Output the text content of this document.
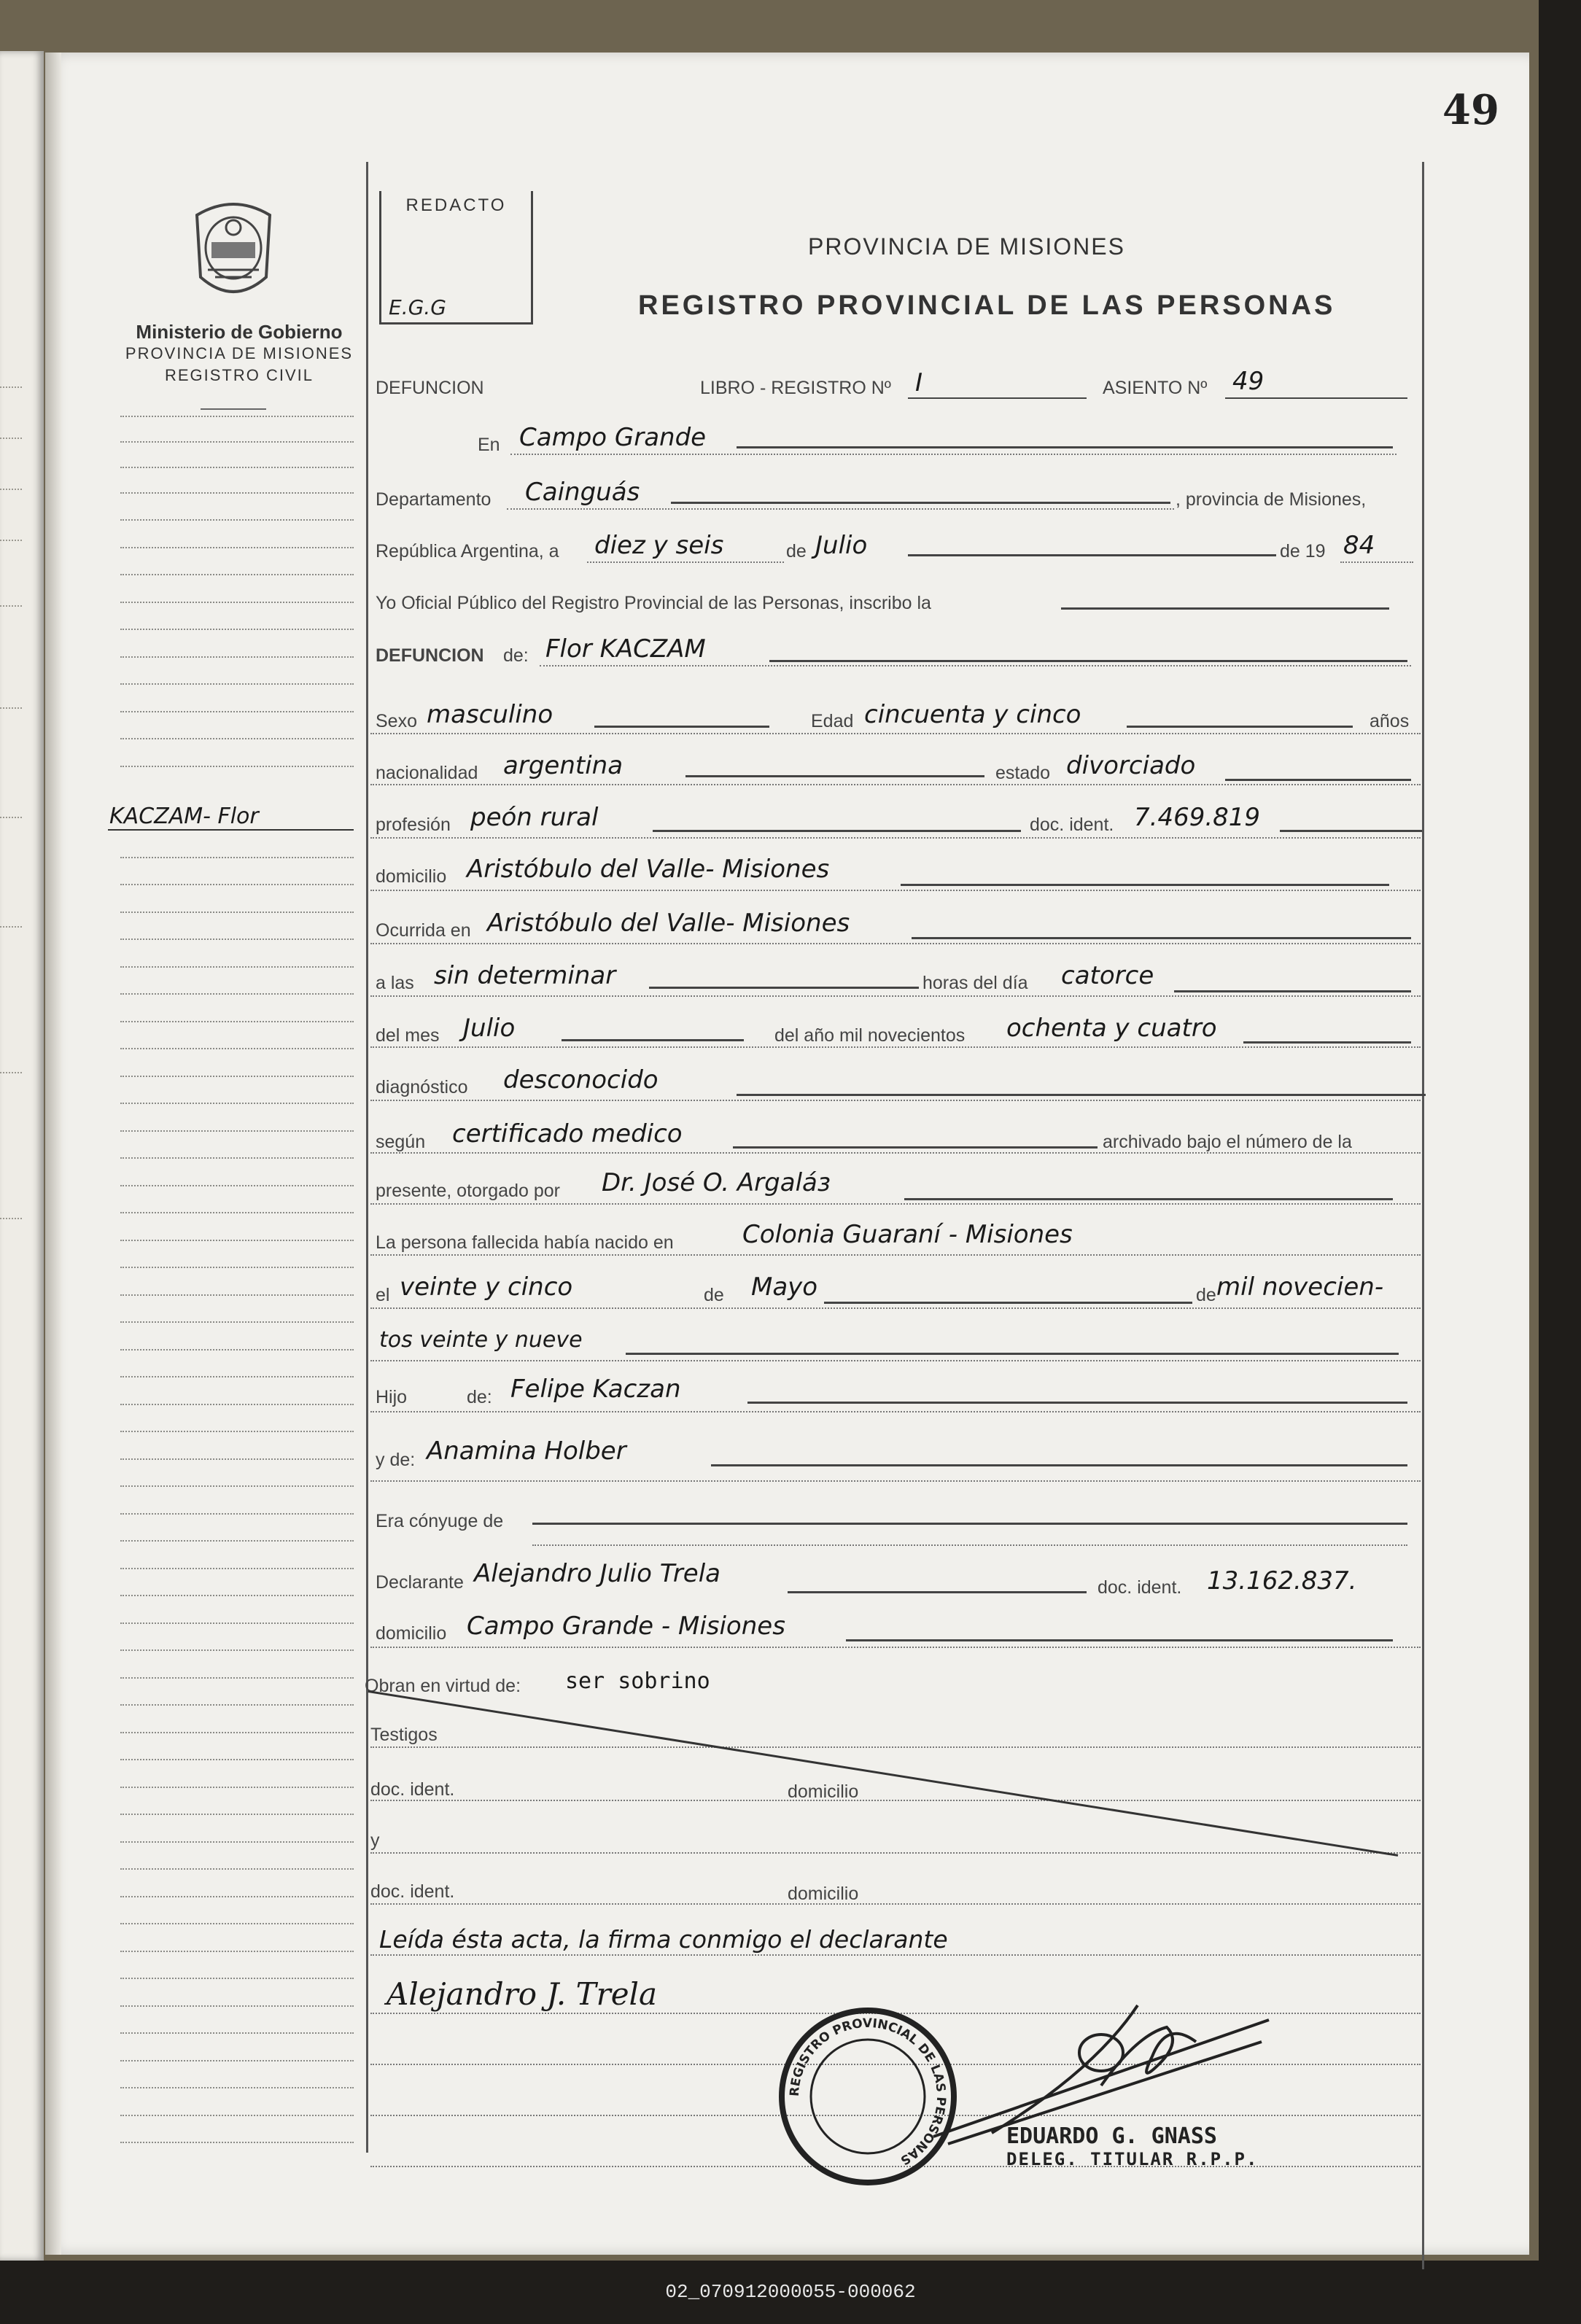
49
Ministerio de Gobierno
PROVINCIA DE MISIONES
REGISTRO CIVIL
REDACTO
E.G.G
PROVINCIA DE MISIONES
REGISTRO PROVINCIAL DE LAS PERSONAS
KACZAM- Flor
DEFUNCION	LIBRO - REGISTRO Nº I	ASIENTO Nº 49
En Campo Grande
Departamento Cainguás	, provincia de Misiones,
República Argentina, a diez y seis	de Julio	de 19 84
Yo Oficial Público del Registro Provincial de las Personas, inscribo la
DEFUNCION de: Flor KACZAM
Sexo masculino	Edad cincuenta y cinco	años
nacionalidad argentina	estado divorciado
profesión peón rural	doc. ident. 7.469.819
domicilio Aristóbulo del Valle- Misiones
Ocurrida en Aristóbulo del Valle- Misiones
a las sin determinar	horas del día catorce
del mes Julio	del año mil novecientos ochenta y cuatro
diagnóstico desconocido
según certificado medico	archivado bajo el número de la
presente, otorgado por Dr. José O. Argaláз
La persona fallecida había nacido en	Colonia Guaraní - Misiones
el veinte y cinco	de Mayo	de mil novecien-
tos veinte y nueve
Hijo	de: Felipe Kaczan
y de: Anamina Holber
Era cónyuge de
Declarante Alejandro Julio Trela	doc. ident. 13.162.837.
domicilio Campo Grande - Misiones
Obran en virtud de: ser sobrino
Testigos
doc. ident.	domicilio
y
doc. ident.	domicilio
Leída ésta acta, la firma conmigo el declarante
Alejandro J. Trela
REGISTRO PROVINCIAL DE LAS PERSONAS
EDUARDO G. GNASS
DELEG. TITULAR R.P.P.
02_070912000055-000062
